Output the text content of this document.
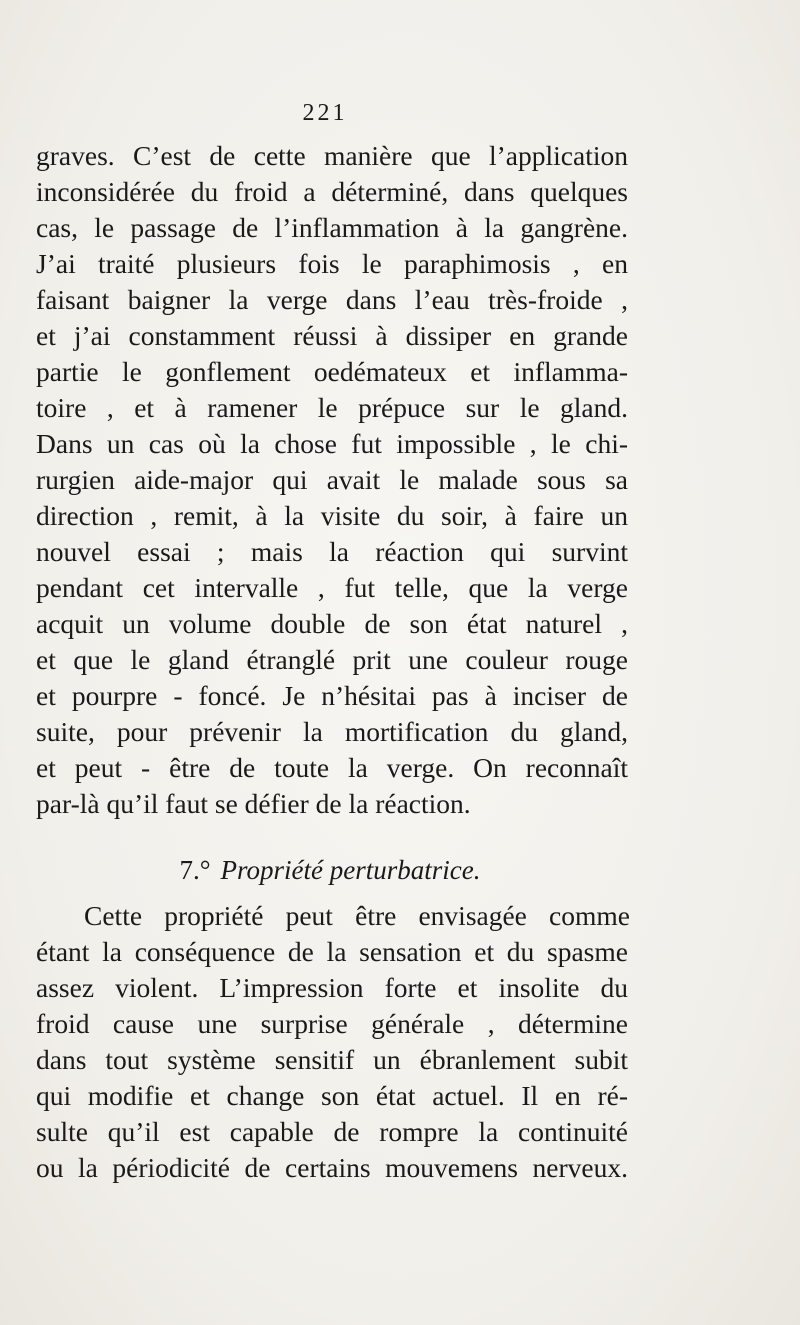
221
graves. C’est de cette manière que l’application
inconsidérée du froid a déterminé, dans quelques
cas, le passage de l’inflammation à la gangrène.
J’ai traité plusieurs fois le paraphimosis , en
faisant baigner la verge dans l’eau très-froide ,
et j’ai constamment réussi à dissiper en grande
partie le gonflement oedémateux et inflamma-
toire , et à ramener le prépuce sur le gland.
Dans un cas où la chose fut impossible , le chi-
rurgien aide-major qui avait le malade sous sa
direction , remit, à la visite du soir, à faire un
nouvel essai ; mais la réaction qui survint
pendant cet intervalle , fut telle, que la verge
acquit un volume double de son état naturel ,
et que le gland étranglé prit une couleur rouge
et pourpre - foncé. Je n’hésitai pas à inciser de
suite, pour prévenir la mortification du gland,
et peut - être de toute la verge. On reconnaît
par-là qu’il faut se défier de la réaction.
7.° Propriété perturbatrice.
Cette propriété peut être envisagée comme
étant la conséquence de la sensation et du spasme
assez violent. L’impression forte et insolite du
froid cause une surprise générale , détermine
dans tout système sensitif un ébranlement subit
qui modifie et change son état actuel. Il en ré-
sulte qu’il est capable de rompre la continuité
ou la périodicité de certains mouvemens nerveux.
